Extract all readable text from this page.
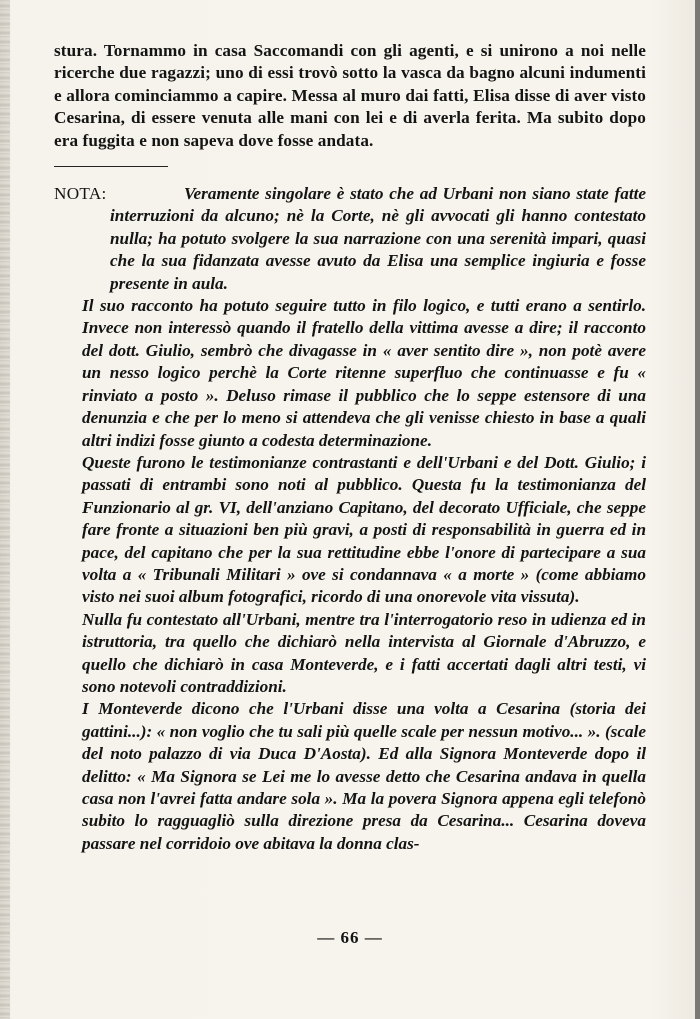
stura. Tornammo in casa Saccomandi con gli agenti, e si unirono a noi nelle ricerche due ragazzi; uno di essi trovò sotto la vasca da bagno alcuni indumenti e allora cominciammo a capire. Messa al muro dai fatti, Elisa disse di aver visto Cesarina, di essere venuta alle mani con lei e di averla ferita. Ma subito dopo era fuggita e non sapeva dove fosse andata.

NOTA:	Veramente singolare è stato che ad Urbani non siano state fatte interruzioni da alcuno; nè la Corte, nè gli avvocati gli hanno contestato nulla; ha potuto svolgere la sua narrazione con una serenità impari, quasi che la sua fidanzata avesse avuto da Elisa una semplice ingiuria e fosse presente in aula.
Il suo racconto ha potuto seguire tutto in filo logico, e tutti erano a sentirlo. Invece non interessò quando il fratello della vittima avesse a dire; il racconto del dott. Giulio, sembrò che divagasse in « aver sentito dire », non potè avere un nesso logico perchè la Corte ritenne superfluo che continuasse e fu « rinviato a posto ». Deluso rimase il pubblico che lo seppe estensore di una denunzia e che per lo meno si attendeva che gli venisse chiesto in base a quali altri indizi fosse giunto a codesta determinazione.
Queste furono le testimonianze contrastanti e dell'Urbani e del Dott. Giulio; i passati di entrambi sono noti al pubblico. Questa fu la testimonianza del Funzionario al gr. VI, dell'anziano Capitano, del decorato Ufficiale, che seppe fare fronte a situazioni ben più gravi, a posti di responsabilità in guerra ed in pace, del capitano che per la sua rettitudine ebbe l'onore di partecipare a sua volta a « Tribunali Militari » ove si condannava « a morte » (come abbiamo visto nei suoi album fotografici, ricordo di una onorevole vita vissuta).
Nulla fu contestato all'Urbani, mentre tra l'interrogatorio reso in udienza ed in istruttoria, tra quello che dichiarò nella intervista al Giornale d'Abruzzo, e quello che dichiarò in casa Monteverde, e i fatti accertati dagli altri testi, vi sono notevoli contraddizioni.
I Monteverde dicono che l'Urbani disse una volta a Cesarina (storia dei gattini...): « non voglio che tu sali più quelle scale per nessun motivo... ». (scale del noto palazzo di via Duca D'Aosta). Ed alla Signora Monteverde dopo il delitto: « Ma Signora se Lei me lo avesse detto che Cesarina andava in quella casa non l'avrei fatta andare sola ». Ma la povera Signora appena egli telefonò subito lo ragguagliò sulla direzione presa da Cesarina... Cesarina doveva passare nel corridoio ove abitava la donna clas-
— 66 —
